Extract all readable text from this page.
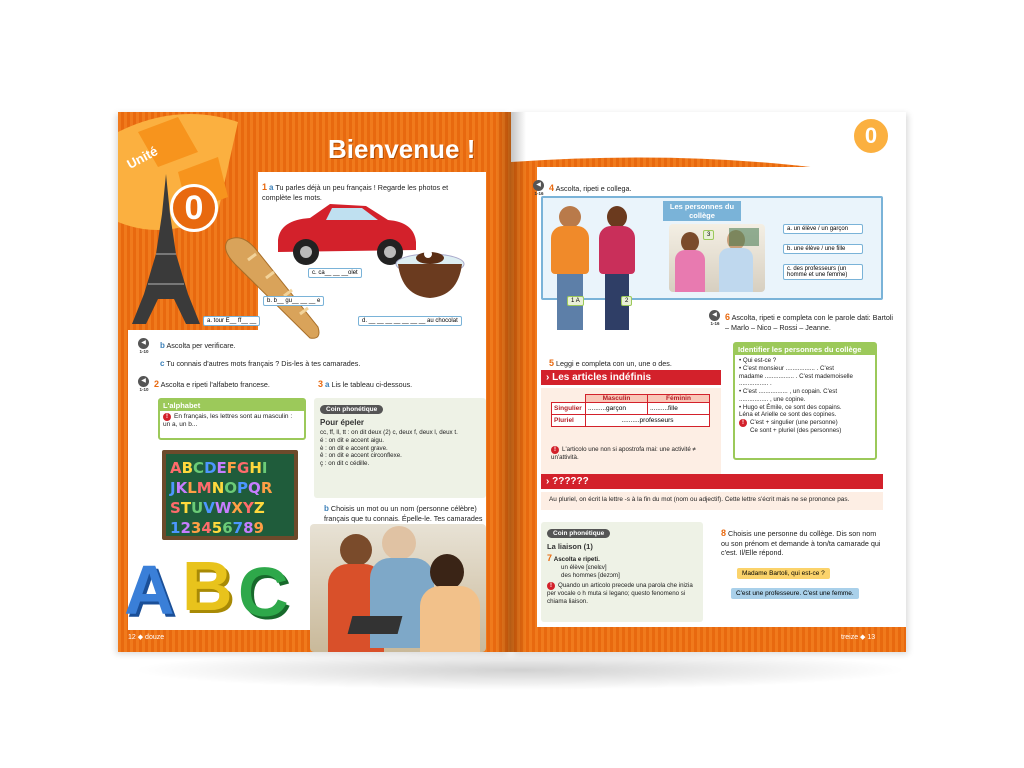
Unité
0
Bienvenue !
1 a Tu parles déjà un peu français ! Regarde les photos et complète les mots.
a. tour E__ ff__ __
b. b__ gu__ __ __ e
c. ca__ __ __olet
d. __ __ __ __ __ __ __ au chocolat
◀
1-10
b Ascolta per verificare.
c Tu connais d'autres mots français ? Dis-les à tes camarades.
◀
1-10
2 Ascolta e ripeti l'alfabeto francese.	3 a Lis le tableau ci-dessous.
L'alphabet
! En français, les lettres sont au masculin : un a, un b...
ABCDEFGHI
JKLMNOPQR
STUVWXYZ
123456789
A B C
Coin phonétique
Pour épeler
cc, ff, ll, tt : on dit deux (2) c, deux f, deux l, deux t.
é : on dit e accent aigu.
è : on dit e accent grave.
ê : on dit e accent circonflexe.
ç : on dit c cédille.
b Choisis un mot ou un nom (personne célèbre) français que tu connais. Épelle-le. Tes camarades
12 ◆ douze
0
◀
1-16
4 Ascolta, ripeti e collega.
Les personnes du collège
1 A	2
3
a. un élève / un garçon
b. une élève / une fille
c. des professeurs (un homme et une femme)
◀
1-16
6 Ascolta, ripeti e completa con le parole dati: Bartoli – Marlo – Nico – Rossi – Jeanne.
Identifier les personnes du collège
• Qui est-ce ?
• C'est monsieur ................. . C'est
madame ................. . C'est mademoiselle
................. .
• C'est ................. , un copain. C'est
................. , une copine.
• Hugo et Émile, ce sont des copains.
Léna et Arielle ce sont des copines.
! C'est + singulier (une personne)
Ce sont + pluriel (des personnes)
5 Leggi e completa con un, une o des.
› Les articles indéfinis
	Masculin	Féminin
Singulier	..........garçon	..........fille
Pluriel	..........professeurs	
! L'articolo une non si apostrofa mai: une activité ≠ un'attività.
› ??????
Au pluriel, on écrit la lettre -s à la fin du mot (nom ou adjectif). Cette lettre s'écrit mais ne se prononce pas.
Coin phonétique
La liaison (1)
7 Ascolta e ripeti.
un élève [ɛnelɛv]
des hommes [dezɔm]
! Quando un articolo precede una parola che inizia per vocale o h muta si legano; questo fenomeno si chiama liaison.
8 Choisis une personne du collège. Dis son nom ou son prénom et demande à ton/ta camarade qui c'est. Il/Elle répond.
Madame Bartoli, qui est-ce ?
C'est une professeure. C'est une femme.
treize ◆ 13
